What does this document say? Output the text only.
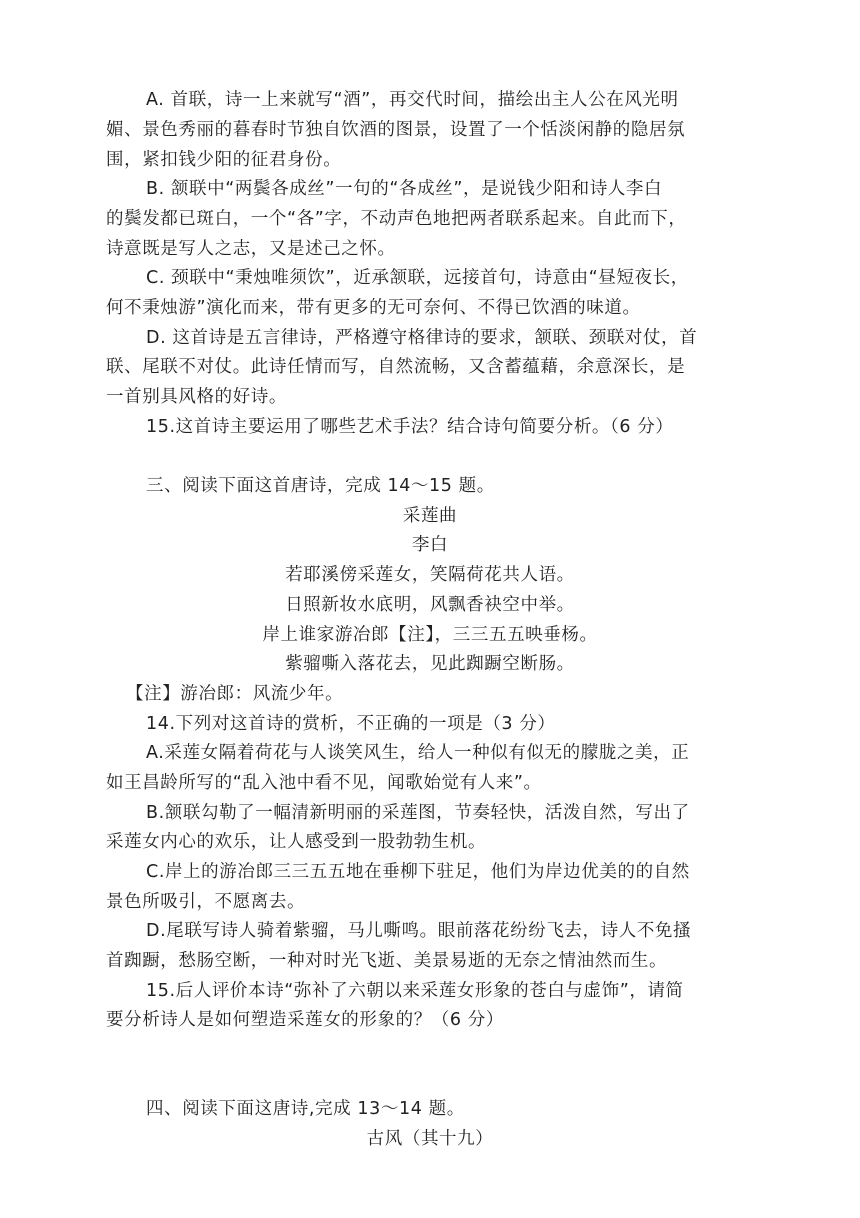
A. 首联，诗一上来就写“酒”，再交代时间，描绘出主人公在风光明
媚、景色秀丽的暮春时节独自饮酒的图景，设置了一个恬淡闲静的隐居氛
围，紧扣钱少阳的征君身份。
B. 颔联中“两鬓各成丝”一句的“各成丝”，是说钱少阳和诗人李白
的鬓发都已斑白，一个“各”字，不动声色地把两者联系起来。自此而下，
诗意既是写人之志，又是述己之怀。
C. 颈联中“秉烛唯须饮”，近承颔联，远接首句，诗意由“昼短夜长，
何不秉烛游”演化而来，带有更多的无可奈何、不得已饮酒的味道。
D. 这首诗是五言律诗，严格遵守格律诗的要求，颔联、颈联对仗，首
联、尾联不对仗。此诗任情而写，自然流畅，又含蓄蕴藉，余意深长，是
一首别具风格的好诗。
15.这首诗主要运用了哪些艺术手法？结合诗句简要分析。（6 分）
三、阅读下面这首唐诗，完成 14～15 题。
采莲曲
李白
若耶溪傍采莲女，笑隔荷花共人语。
日照新妆水底明，风飘香袂空中举。
岸上谁家游冶郎【注】，三三五五映垂杨。
紫骝嘶入落花去，见此踟蹰空断肠。
【注】游冶郎：风流少年。
14.下列对这首诗的赏析，不正确的一项是（3 分）
A.采莲女隔着荷花与人谈笑风生，给人一种似有似无的朦胧之美，正
如王昌龄所写的“乱入池中看不见，闻歌始觉有人来”。
B.颔联勾勒了一幅清新明丽的采莲图，节奏轻快，活泼自然，写出了
采莲女内心的欢乐，让人感受到一股勃勃生机。
C.岸上的游冶郎三三五五地在垂柳下驻足，他们为岸边优美的的自然
景色所吸引，不愿离去。
D.尾联写诗人骑着紫骝，马儿嘶鸣。眼前落花纷纷飞去，诗人不免搔
首踟蹰，愁肠空断，一种对时光飞逝、美景易逝的无奈之情油然而生。
15.后人评价本诗“弥补了六朝以来采莲女形象的苍白与虚饰”，请简
要分析诗人是如何塑造采莲女的形象的？（6 分）
四、阅读下面这唐诗,完成 13～14 题。
古风（其十九）
